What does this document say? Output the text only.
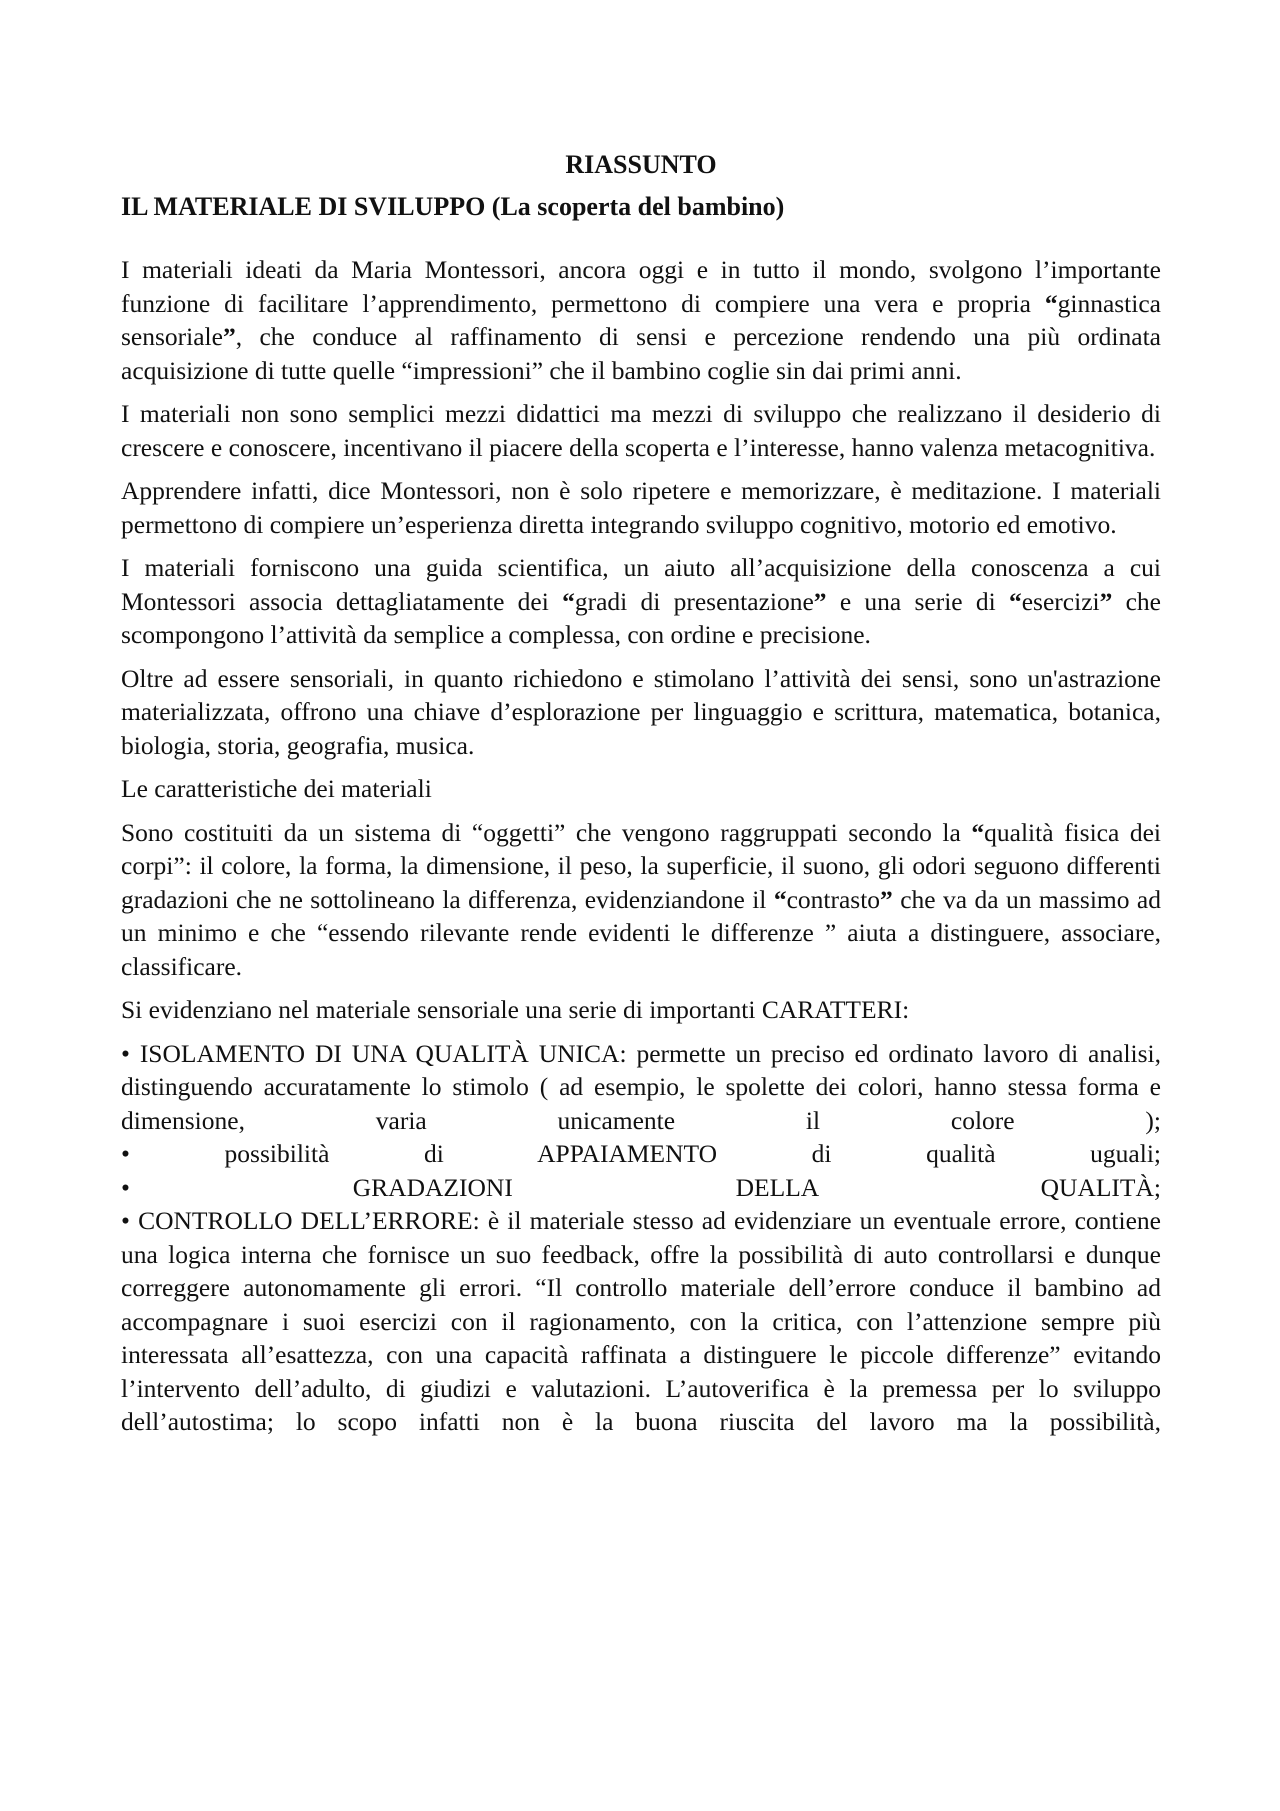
RIASSUNTO
IL MATERIALE DI SVILUPPO (La scoperta del bambino)

I materiali ideati da Maria Montessori, ancora oggi e in tutto il mondo, svolgono l’importante funzione di facilitare l’apprendimento, permettono di compiere una vera e propria “ginnastica sensoriale”, che conduce al raffinamento di sensi e percezione rendendo una più ordinata acquisizione di tutte quelle “impressioni” che il bambino coglie sin dai primi anni.

I materiali non sono semplici mezzi didattici ma mezzi di sviluppo che realizzano il desiderio di crescere e conoscere, incentivano il piacere della scoperta e l’interesse, hanno valenza metacognitiva.

Apprendere infatti, dice Montessori, non è solo ripetere e memorizzare, è meditazione. I materiali permettono di compiere un’esperienza diretta integrando sviluppo cognitivo, motorio ed emotivo.

I materiali forniscono una guida scientifica, un aiuto all’acquisizione della conoscenza a cui Montessori associa dettagliatamente dei “gradi di presentazione” e una serie di “esercizi” che scompongono l’attività da semplice a complessa, con ordine e precisione.

Oltre ad essere sensoriali, in quanto richiedono e stimolano l’attività dei sensi, sono un'astrazione materializzata, offrono una chiave d’esplorazione per linguaggio e scrittura, matematica, botanica, biologia, storia, geografia, musica.

Le caratteristiche dei materiali

Sono costituiti da un sistema di “oggetti” che vengono raggruppati secondo la “qualità fisica dei corpi”: il colore, la forma, la dimensione, il peso, la superficie, il suono, gli odori seguono differenti gradazioni che ne sottolineano la differenza, evidenziandone il “contrasto” che va da un massimo ad un minimo e che “essendo rilevante rende evidenti le differenze ” aiuta a distinguere, associare, classificare.

Si evidenziano nel materiale sensoriale una serie di importanti CARATTERI:

• ISOLAMENTO DI UNA QUALITÀ UNICA: permette un preciso ed ordinato lavoro di analisi, distinguendo accuratamente lo stimolo ( ad esempio, le spolette dei colori, hanno stessa forma e dimensione, varia unicamente il colore );

• possibilità di APPAIAMENTO di qualità uguali;

• GRADAZIONI DELLA QUALITÀ;

• CONTROLLO DELL’ERRORE: è il materiale stesso ad evidenziare un eventuale errore, contiene una logica interna che fornisce un suo feedback, offre la possibilità di auto controllarsi e dunque correggere autonomamente gli errori. “Il controllo materiale dell’errore conduce il bambino ad accompagnare i suoi esercizi con il ragionamento, con la critica, con l’attenzione sempre più interessata all’esattezza, con una capacità raffinata a distinguere le piccole differenze” evitando l’intervento dell’adulto, di giudizi e valutazioni. L’autoverifica è la premessa per lo sviluppo dell’autostima; lo scopo infatti non è la buona riuscita del lavoro ma la possibilità,
